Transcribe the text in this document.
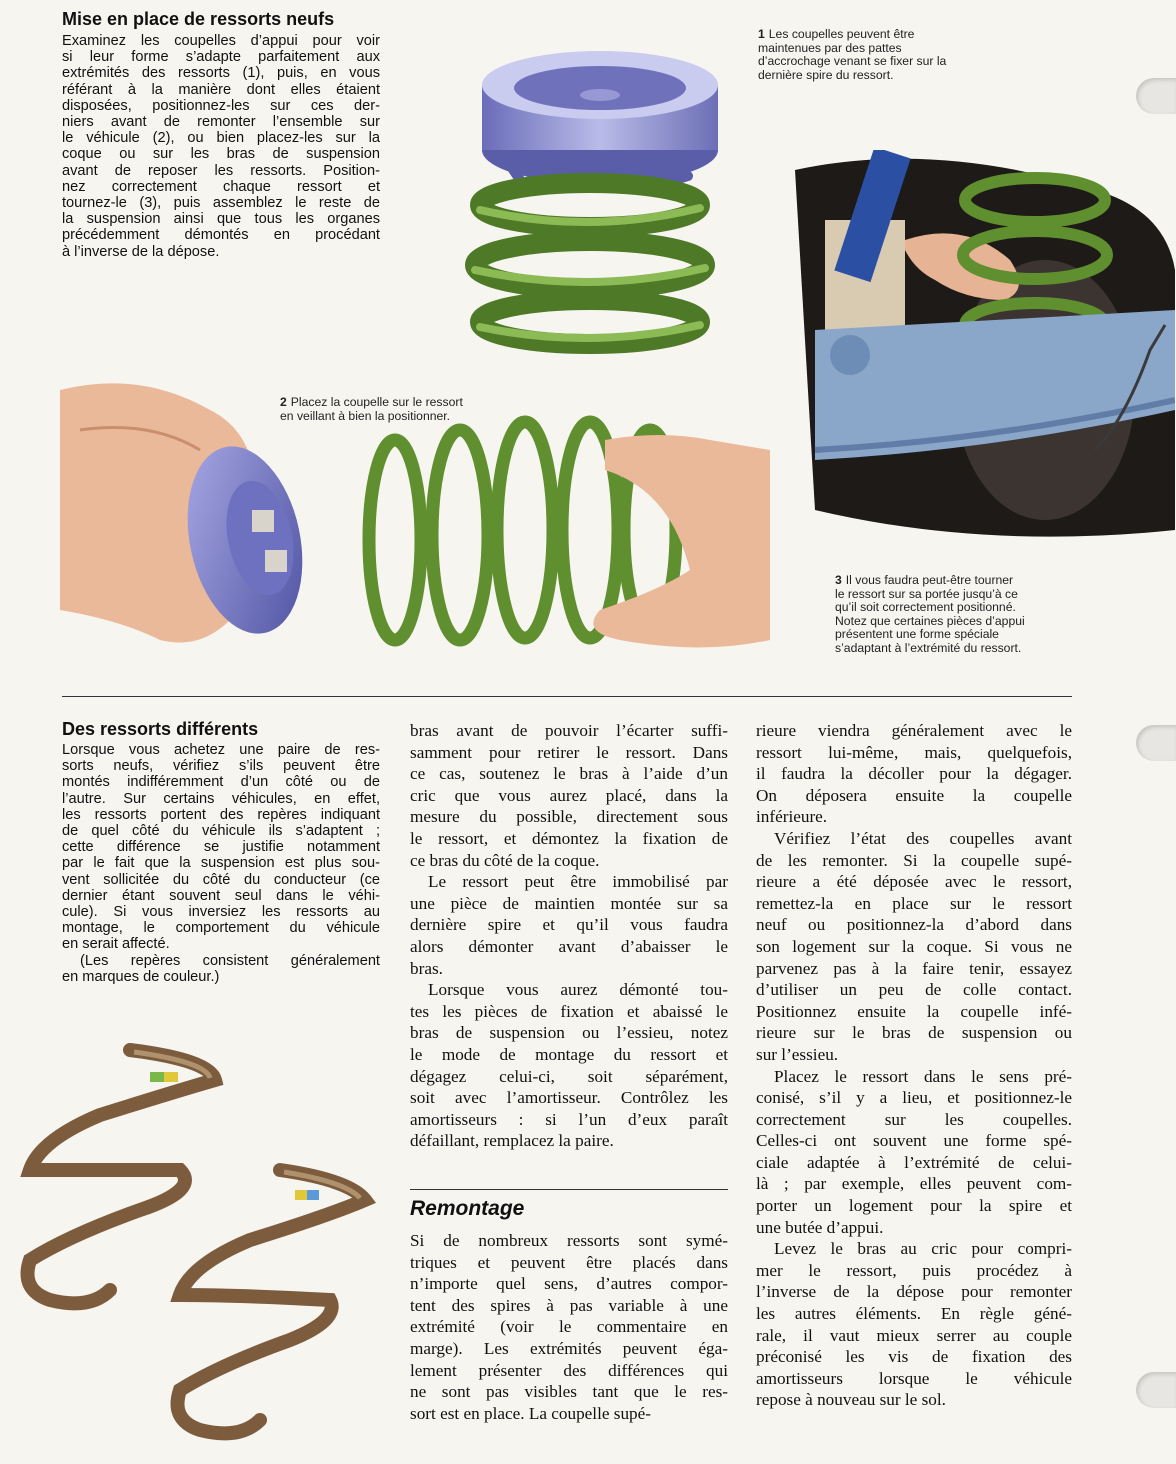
Mise en place de ressorts neufs
Examinez les coupelles d’appui pour voir
si leur forme s’adapte parfaitement aux
extrémités des ressorts (1), puis, en vous
référant à la manière dont elles étaient
disposées, positionnez-les sur ces der-
niers avant de remonter l’ensemble sur
le véhicule (2), ou bien placez-les sur la
coque ou sur les bras de suspension
avant de reposer les ressorts. Position-
nez correctement chaque ressort et
tournez-le (3), puis assemblez le reste de
la suspension ainsi que tous les organes
précédemment démontés en procédant
à l’inverse de la dépose.
1 Les coupelles peuvent être
maintenues par des pattes
d’accrochage venant se fixer sur la
dernière spire du ressort.
2 Placez la coupelle sur le ressort
en veillant à bien la positionner.
3 Il vous faudra peut-être tourner
le ressort sur sa portée jusqu’à ce
qu’il soit correctement positionné.
Notez que certaines pièces d’appui
présentent une forme spéciale
s’adaptant à l’extrémité du ressort.
Des ressorts différents
Lorsque vous achetez une paire de res-
sorts neufs, vérifiez s’ils peuvent être
montés indifféremment d’un côté ou de
l’autre. Sur certains véhicules, en effet,
les ressorts portent des repères indiquant
de quel côté du véhicule ils s’adaptent ;
cette différence se justifie notamment
par le fait que la suspension est plus sou-
vent sollicitée du côté du conducteur (ce
dernier étant souvent seul dans le véhi-
cule). Si vous inversiez les ressorts au
montage, le comportement du véhicule
en serait affecté.
(Les repères consistent généralement
en marques de couleur.)
bras avant de pouvoir l’écarter suffi-
samment pour retirer le ressort. Dans
ce cas, soutenez le bras à l’aide d’un
cric que vous aurez placé, dans la
mesure du possible, directement sous
le ressort, et démontez la fixation de
ce bras du côté de la coque.
Le ressort peut être immobilisé par
une pièce de maintien montée sur sa
dernière spire et qu’il vous faudra
alors démonter avant d’abaisser le
bras.
Lorsque vous aurez démonté tou-
tes les pièces de fixation et abaissé le
bras de suspension ou l’essieu, notez
le mode de montage du ressort et
dégagez celui-ci, soit séparément,
soit avec l’amortisseur. Contrôlez les
amortisseurs : si l’un d’eux paraît
défaillant, remplacez la paire.
Remontage
Si de nombreux ressorts sont symé-
triques et peuvent être placés dans
n’importe quel sens, d’autres compor-
tent des spires à pas variable à une
extrémité (voir le commentaire en
marge). Les extrémités peuvent éga-
lement présenter des différences qui
ne sont pas visibles tant que le res-
sort est en place. La coupelle supé-
rieure viendra généralement avec le
ressort lui-même, mais, quelquefois,
il faudra la décoller pour la dégager.
On déposera ensuite la coupelle
inférieure.
Vérifiez l’état des coupelles avant
de les remonter. Si la coupelle supé-
rieure a été déposée avec le ressort,
remettez-la en place sur le ressort
neuf ou positionnez-la d’abord dans
son logement sur la coque. Si vous ne
parvenez pas à la faire tenir, essayez
d’utiliser un peu de colle contact.
Positionnez ensuite la coupelle infé-
rieure sur le bras de suspension ou
sur l’essieu.
Placez le ressort dans le sens pré-
conisé, s’il y a lieu, et positionnez-le
correctement sur les coupelles.
Celles-ci ont souvent une forme spé-
ciale adaptée à l’extrémité de celui-
là ; par exemple, elles peuvent com-
porter un logement pour la spire et
une butée d’appui.
Levez le bras au cric pour compri-
mer le ressort, puis procédez à
l’inverse de la dépose pour remonter
les autres éléments. En règle géné-
rale, il vaut mieux serrer au couple
préconisé les vis de fixation des
amortisseurs lorsque le véhicule
repose à nouveau sur le sol.
